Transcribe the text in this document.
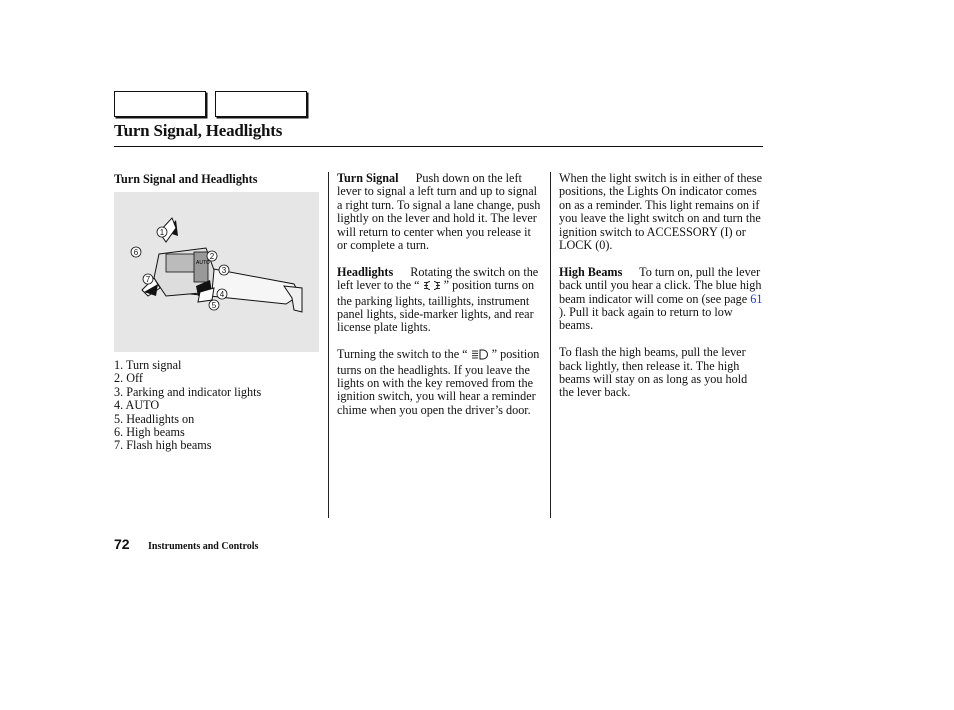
Turn Signal, Headlights
Turn Signal and Headlights
AUTO
1
2
3
4
5
6
7
1. Turn signal
2. Off
3. Parking and indicator lights
4. AUTO
5. Headlights on
6. High beams
7. Flash high beams

Turn Signal Push down on the left lever to signal a left turn and up to signal a right turn. To signal a lane change, push lightly on the lever and hold it. The lever will return to center when you release it or complete a turn.

Headlights Rotating the switch on the left lever to the “ ” position turns on the parking lights, taillights, instrument panel lights, side-marker lights, and rear license plate lights.

Turning the switch to the “ ” position turns on the headlights. If you leave the lights on with the key removed from the ignition switch, you will hear a reminder chime when you open the driver’s door.

When the light switch is in either of these positions, the Lights On indicator comes on as a reminder. This light remains on if you leave the light switch on and turn the ignition switch to ACCESSORY (I) or LOCK (0).

High Beams To turn on, pull the lever back until you hear a click. The blue high beam indicator will come on (see page 61 ). Pull it back again to return to low beams.

To flash the high beams, pull the lever back lightly, then release it. The high beams will stay on as long as you hold the lever back.

72 Instruments and Controls
